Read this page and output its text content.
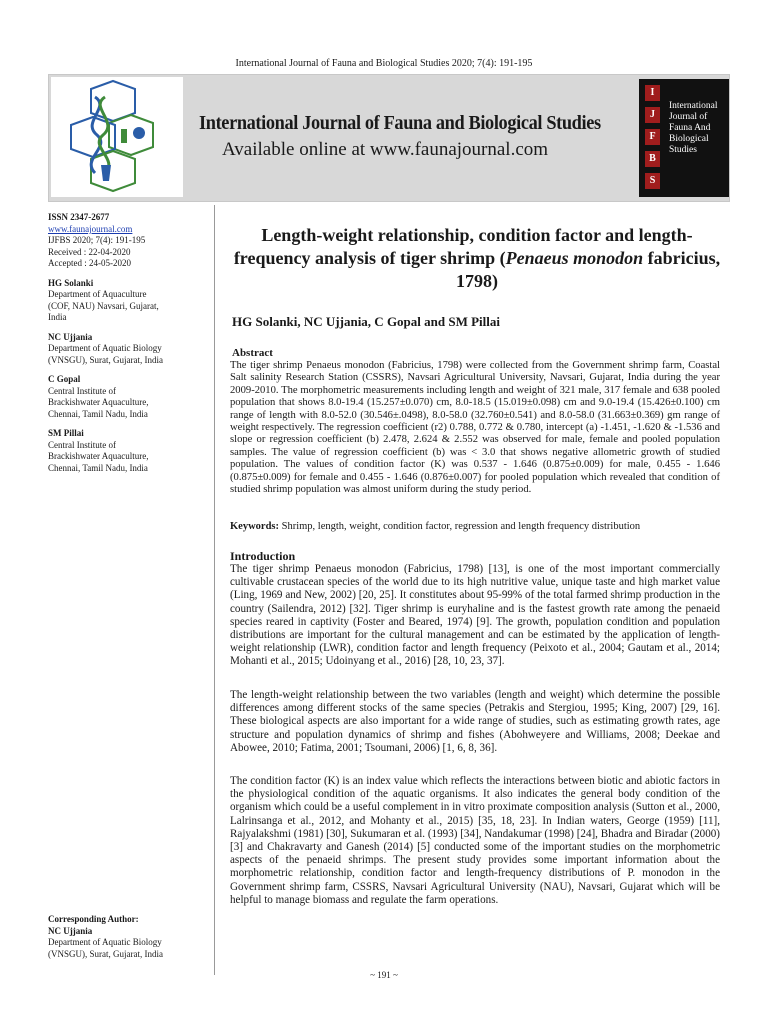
International Journal of Fauna and Biological Studies 2020; 7(4): 191-195
International Journal of Fauna and Biological Studies
Available online at www.faunajournal.com
I
J
F
B
S
International
Journal of
Fauna And
Biological
Studies
ISSN 2347-2677
www.faunajournal.com
IJFBS 2020; 7(4): 191-195
Received : 22-04-2020
Accepted : 24-05-2020
HG Solanki
Department of Aquaculture
(COF, NAU) Navsari, Gujarat,
India
NC Ujjania
Department of Aquatic Biology
(VNSGU), Surat, Gujarat, India
C Gopal
Central Institute of
Brackishwater Aquaculture,
Chennai, Tamil Nadu, India
SM Pillai
Central Institute of
Brackishwater Aquaculture,
Chennai, Tamil Nadu, India
Length-weight relationship, condition factor and length-frequency analysis of tiger shrimp (Penaeus monodon fabricius, 1798)
HG Solanki, NC Ujjania, C Gopal and SM Pillai
Abstract
The tiger shrimp Penaeus monodon (Fabricius, 1798) were collected from the Government shrimp farm, Coastal Salt salinity Research Station (CSSRS), Navsari Agricultural University, Navsari, Gujarat, India during the year 2009-2010. The morphometric measurements including length and weight of 321 male, 317 female and 638 pooled population that shows 8.0-19.4 (15.257±0.070) cm, 8.0-18.5 (15.019±0.098) cm and 9.0-19.4 (15.426±0.100) cm range of length with 8.0-52.0 (30.546±.0498), 8.0-58.0 (32.760±0.541) and 8.0-58.0 (31.663±0.369) gm range of weight respectively. The regression coefficient (r2) 0.788, 0.772 & 0.780, intercept (a) -1.451, -1.620 & -1.536 and slope or regression coefficient (b) 2.478, 2.624 & 2.552 was observed for male, female and pooled population samples. The value of regression coefficient (b) was < 3.0 that shows negative allometric growth of studied population. The values of condition factor (K) was 0.537 - 1.646 (0.875±0.009) for male, 0.455 - 1.646 (0.875±0.009) for female and 0.455 - 1.646 (0.876±0.007) for pooled population which revealed that condition of studied shrimp population was almost uniform during the study period.
Keywords: Shrimp, length, weight, condition factor, regression and length frequency distribution
Introduction
The tiger shrimp Penaeus monodon (Fabricius, 1798) [13], is one of the most important commercially cultivable crustacean species of the world due to its high nutritive value, unique taste and high market value (Ling, 1969 and New, 2002) [20, 25]. It constitutes about 95-99% of the total farmed shrimp production in the country (Sailendra, 2012) [32]. Tiger shrimp is euryhaline and is the fastest growth rate among the penaeid species reared in captivity (Foster and Beared, 1974) [9]. The growth, population condition and population distributions are important for the cultural management and can be estimated by the application of length-weight relationship (LWR), condition factor and length frequency (Peixoto et al., 2004; Gautam et al., 2014; Mohanti et al., 2015; Udoinyang et al., 2016) [28, 10, 23, 37].
The length-weight relationship between the two variables (length and weight) which determine the possible differences among different stocks of the same species (Petrakis and Stergiou, 1995; King, 2007) [29, 16]. These biological aspects are also important for a wide range of studies, such as estimating growth rates, age structure and population dynamics of shrimp and fishes (Abohweyere and Williams, 2008; Deekae and Abowee, 2010; Fatima, 2001; Tsoumani, 2006) [1, 6, 8, 36].
The condition factor (K) is an index value which reflects the interactions between biotic and abiotic factors in the physiological condition of the aquatic organisms. It also indicates the general body condition of the organism which could be a useful complement in in vitro proximate composition analysis (Sutton et al., 2000, Lalrinsanga et al., 2012, and Mohanty et al., 2015) [35, 18, 23]. In Indian waters, George (1959) [11], Rajyalakshmi (1981) [30], Sukumaran et al. (1993) [34], Nandakumar (1998) [24], Bhadra and Biradar (2000) [3] and Chakravarty and Ganesh (2014) [5] conducted some of the important studies on the morphometric aspects of the penaeid shrimps. The present study provides some important information about the morphometric relationship, condition factor and length-frequency distributions of P. monodon in the Government shrimp farm, CSSRS, Navsari Agricultural University (NAU), Navsari, Gujarat which will be helpful to manage biomass and regulate the farm operations.
Corresponding Author:
NC Ujjania
Department of Aquatic Biology
(VNSGU), Surat, Gujarat, India
~ 191 ~
